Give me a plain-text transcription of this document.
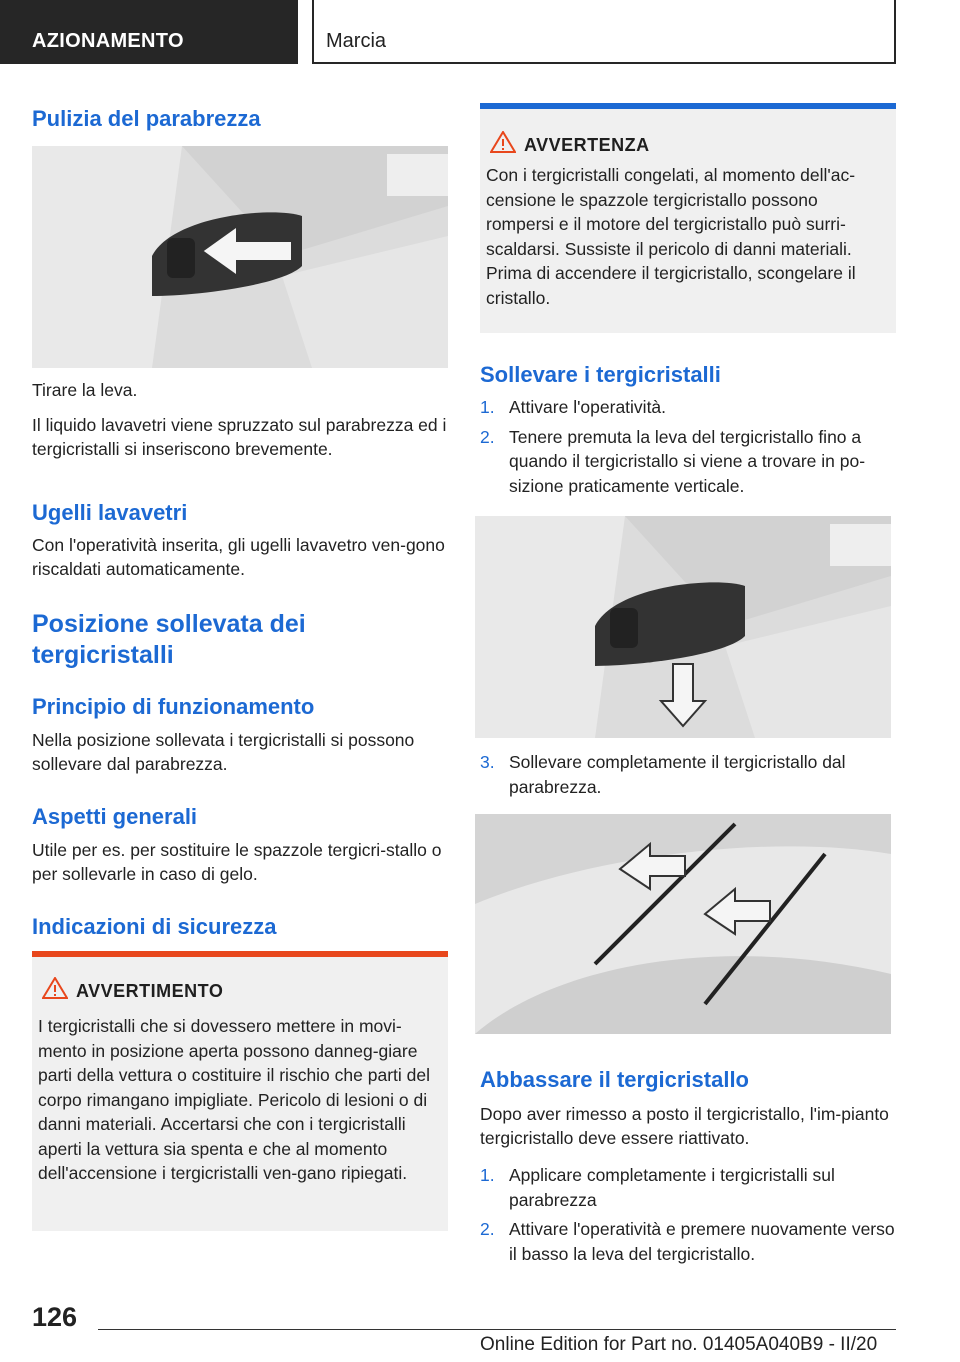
AZIONAMENTO	Marcia
Pulizia del parabrezza

Tirare la leva.

Il liquido lavavetri viene spruzzato sul parabrezza ed i tergicristalli si inseriscono brevemente.

Ugelli lavavetri

Con l'operatività inserita, gli ugelli lavavetro ven-gono riscaldati automaticamente.

Posizione sollevata dei tergicristalli
Principio di funzionamento

Nella posizione sollevata i tergicristalli si possono sollevare dal parabrezza.

Aspetti generali

Utile per es. per sostituire le spazzole tergicri-stallo o per sollevarle in caso di gelo.

Indicazioni di sicurezza
AVVERTIMENTO

I tergicristalli che si dovessero mettere in movi-mento in posizione aperta possono danneg-giare parti della vettura o costituire il rischio che parti del corpo rimangano impigliate. Pericolo di lesioni o di danni materiali. Accertarsi che con i tergicristalli aperti la vettura sia spenta e che al momento dell'accensione i tergicristalli ven-gano ripiegati.

AVVERTENZA

Con i tergicristalli congelati, al momento dell'ac-censione le spazzole tergicristallo possono rompersi e il motore del tergicristallo può surri-scaldarsi. Sussiste il pericolo di danni materiali. Prima di accendere il tergicristallo, scongelare il cristallo.

Sollevare i tergicristalli
1. Attivare l'operatività.
2. Tenere premuta la leva del tergicristallo fino a quando il tergicristallo si viene a trovare in po-sizione praticamente verticale.
3. Sollevare completamente il tergicristallo dal parabrezza.
Abbassare il tergicristallo

Dopo aver rimesso a posto il tergicristallo, l'im-pianto tergicristallo deve essere riattivato.

1. Applicare completamente i tergicristalli sul parabrezza
2. Attivare l'operatività e premere nuovamente verso il basso la leva del tergicristallo.
126
Online Edition for Part no. 01405A040B9 - II/20
